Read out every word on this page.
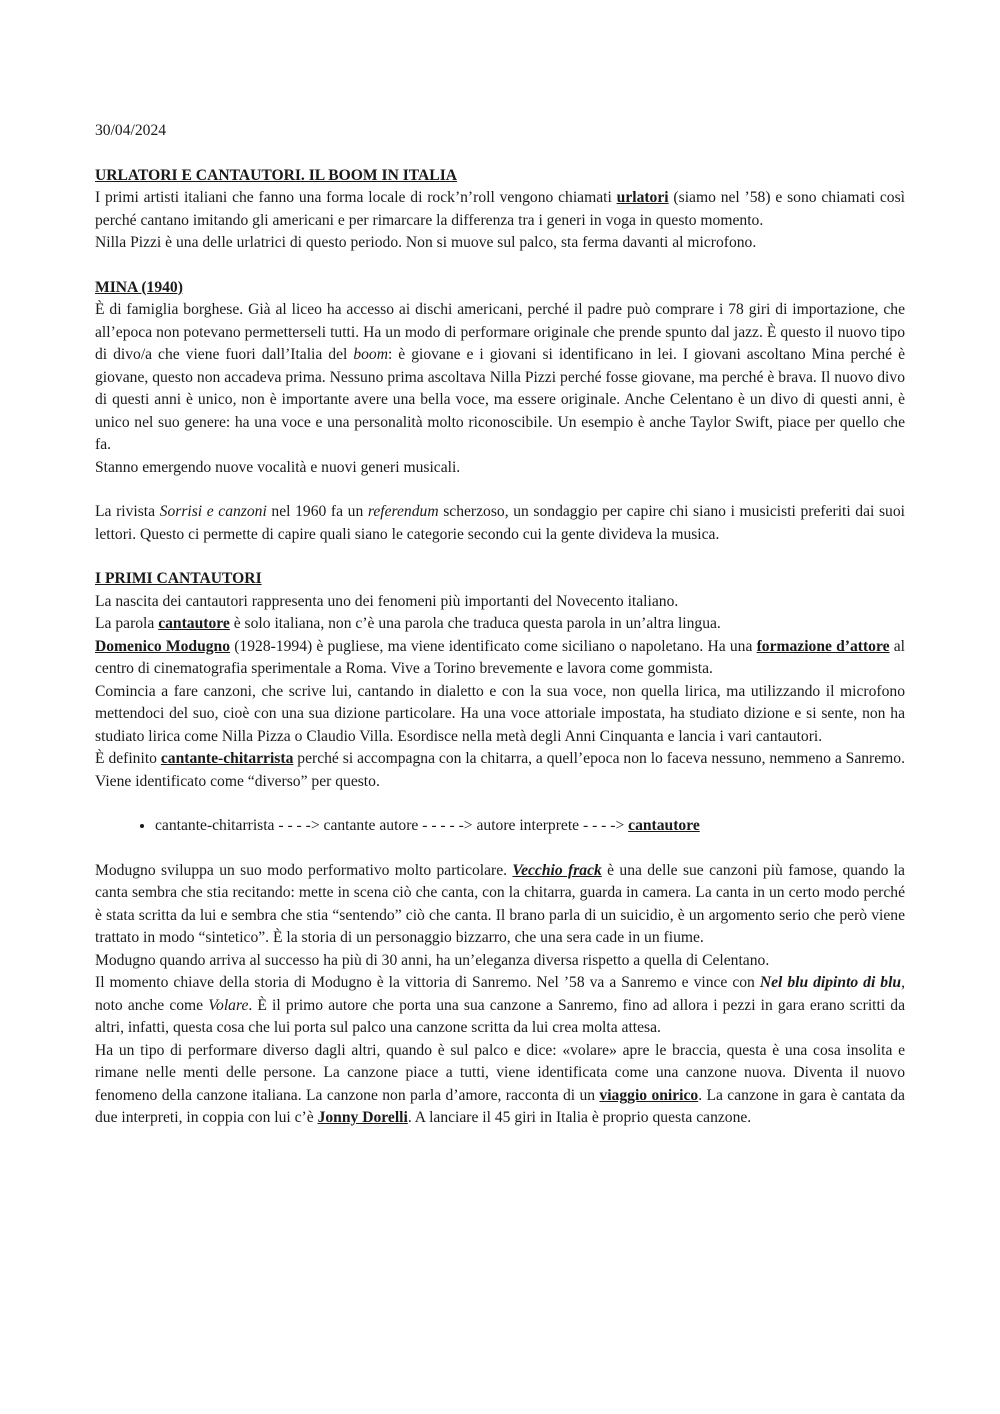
30/04/2024
URLATORI E CANTAUTORI. IL BOOM IN ITALIA

I primi artisti italiani che fanno una forma locale di rock’n’roll vengono chiamati urlatori (siamo nel ’58) e sono chiamati così perché cantano imitando gli americani e per rimarcare la differenza tra i generi in voga in questo momento.

Nilla Pizzi è una delle urlatrici di questo periodo. Non si muove sul palco, sta ferma davanti al microfono.

MINA (1940)

È di famiglia borghese. Già al liceo ha accesso ai dischi americani, perché il padre può comprare i 78 giri di importazione, che all’epoca non potevano permetterseli tutti. Ha un modo di performare originale che prende spunto dal jazz. È questo il nuovo tipo di divo/a che viene fuori dall’Italia del boom: è giovane e i giovani si identificano in lei. I giovani ascoltano Mina perché è giovane, questo non accadeva prima. Nessuno prima ascoltava Nilla Pizzi perché fosse giovane, ma perché è brava. Il nuovo divo di questi anni è unico, non è importante avere una bella voce, ma essere originale. Anche Celentano è un divo di questi anni, è unico nel suo genere: ha una voce e una personalità molto riconoscibile. Un esempio è anche Taylor Swift, piace per quello che fa.

Stanno emergendo nuove vocalità e nuovi generi musicali.

La rivista Sorrisi e canzoni nel 1960 fa un referendum scherzoso, un sondaggio per capire chi siano i musicisti preferiti dai suoi lettori. Questo ci permette di capire quali siano le categorie secondo cui la gente divideva la musica.

I PRIMI CANTAUTORI

La nascita dei cantautori rappresenta uno dei fenomeni più importanti del Novecento italiano.

La parola cantautore è solo italiana, non c’è una parola che traduca questa parola in un’altra lingua.

Domenico Modugno (1928-1994) è pugliese, ma viene identificato come siciliano o napoletano. Ha una formazione d’attore al centro di cinematografia sperimentale a Roma. Vive a Torino brevemente e lavora come gommista.

Comincia a fare canzoni, che scrive lui, cantando in dialetto e con la sua voce, non quella lirica, ma utilizzando il microfono mettendoci del suo, cioè con una sua dizione particolare. Ha una voce attoriale impostata, ha studiato dizione e si sente, non ha studiato lirica come Nilla Pizza o Claudio Villa. Esordisce nella metà degli Anni Cinquanta e lancia i vari cantautori.

È definito cantante-chitarrista perché si accompagna con la chitarra, a quell’epoca non lo faceva nessuno, nemmeno a Sanremo. Viene identificato come “diverso” per questo.

• cantante-chitarrista - - - -> cantante autore - - - - -> autore interprete - - - -> cantautore

Modugno sviluppa un suo modo performativo molto particolare. Vecchio frack è una delle sue canzoni più famose, quando la canta sembra che stia recitando: mette in scena ciò che canta, con la chitarra, guarda in camera. La canta in un certo modo perché è stata scritta da lui e sembra che stia “sentendo” ciò che canta. Il brano parla di un suicidio, è un argomento serio che però viene trattato in modo “sintetico”. È la storia di un personaggio bizzarro, che una sera cade in un fiume.

Modugno quando arriva al successo ha più di 30 anni, ha un’eleganza diversa rispetto a quella di Celentano.

Il momento chiave della storia di Modugno è la vittoria di Sanremo. Nel ’58 va a Sanremo e vince con Nel blu dipinto di blu, noto anche come Volare. È il primo autore che porta una sua canzone a Sanremo, fino ad allora i pezzi in gara erano scritti da altri, infatti, questa cosa che lui porta sul palco una canzone scritta da lui crea molta attesa.

Ha un tipo di performare diverso dagli altri, quando è sul palco e dice: «volare» apre le braccia, questa è una cosa insolita e rimane nelle menti delle persone. La canzone piace a tutti, viene identificata come una canzone nuova. Diventa il nuovo fenomeno della canzone italiana. La canzone non parla d’amore, racconta di un viaggio onirico. La canzone in gara è cantata da due interpreti, in coppia con lui c’è Jonny Dorelli. A lanciare il 45 giri in Italia è proprio questa canzone.
